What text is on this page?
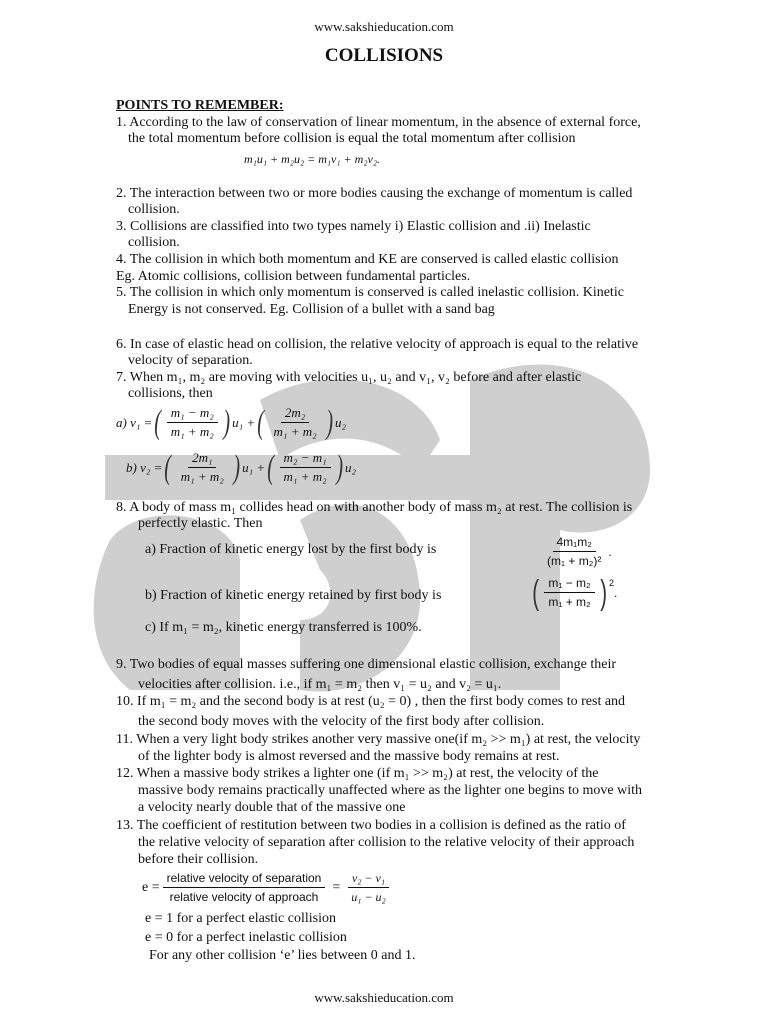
www.sakshieducation.com
COLLISIONS
POINTS TO REMEMBER:
1. According to the law of conservation of linear momentum, in the absence of external force,
the total momentum before collision is equal the total momentum after collision
m₁u₁ + m₂u₂ = m₁v₁ + m₂v₂.
2. The interaction between two or more bodies causing the exchange of momentum is called
collision.
3. Collisions are classified into two types namely i) Elastic collision and .ii) Inelastic
collision.
4. The collision in which both momentum and KE are conserved is called elastic collision
Eg. Atomic collisions, collision between fundamental particles.
5. The collision in which only momentum is conserved is called inelastic collision. Kinetic
Energy is not conserved. Eg. Collision of a bullet with a sand bag
6. In case of elastic head on collision, the relative velocity of approach is equal to the relative
velocity of separation.
7. When m₁, m₂ are moving with velocities u₁, u₂ and v₁, v₂ before and after elastic
collisions, then
a) v₁ = ( $\frac{\text{m₁ − m₂}}{\text{m₁ + m₂}}$ ) u₁ + ( $\frac{\text{2m₂}}{\text{m₁ + m₂}}$ ) u₂
b) v₂ = ( $\frac{\text{2m₁}}{\text{m₁ + m₂}}$ ) u₁ + ( $\frac{\text{m₂ − m₁}}{\text{m₁ + m₂}}$ ) u₂
8. A body of mass m₁ collides head on with another body of mass m₂ at rest. The collision is
perfectly elastic. Then
a) Fraction of kinetic energy lost by the first body is	$\frac{\text{4m₁m₂}}{\text{(m₁ + m₂)²}}$ .
b) Fraction of kinetic energy retained by first body is	( $\frac{\text{m₁ − m₂}}{\text{m₁ + m₂}}$ ) $^2$
.
c) If m₁ = m₂, kinetic energy transferred is 100%.
9. Two bodies of equal masses suffering one dimensional elastic collision, exchange their
velocities after collision. i.e., if m₁ = m₂ then v₁ = u₂ and v₂ = u₁.
10. If m₁ = m₂ and the second body is at rest (u₂ = 0) , then the first body comes to rest and
the second body moves with the velocity of the first body after collision.
11. When a very light body strikes another very massive one(if m₂ >> m₁) at rest, the velocity
of the lighter body is almost reversed and the massive body remains at rest.
12. When a massive body strikes a lighter one (if m₁ >> m₂) at rest, the velocity of the
massive body remains practically unaffected where as the lighter one begins to move with
a velocity nearly double that of the massive one
13. The coefficient of restitution between two bodies in a collision is defined as the ratio of
the relative velocity of separation after collision to the relative velocity of their approach
before their collision.
$e = \frac{\text{relative velocity of separation}}{\text{relative velocity of approach}} = \frac{\text{v₂ − v₁}}{\text{u₁ − u₂}}$
e = 1 for a perfect elastic collision
e = 0 for a perfect inelastic collision
For any other collision ‘e’ lies between 0 and 1.
www.sakshieducation.com
